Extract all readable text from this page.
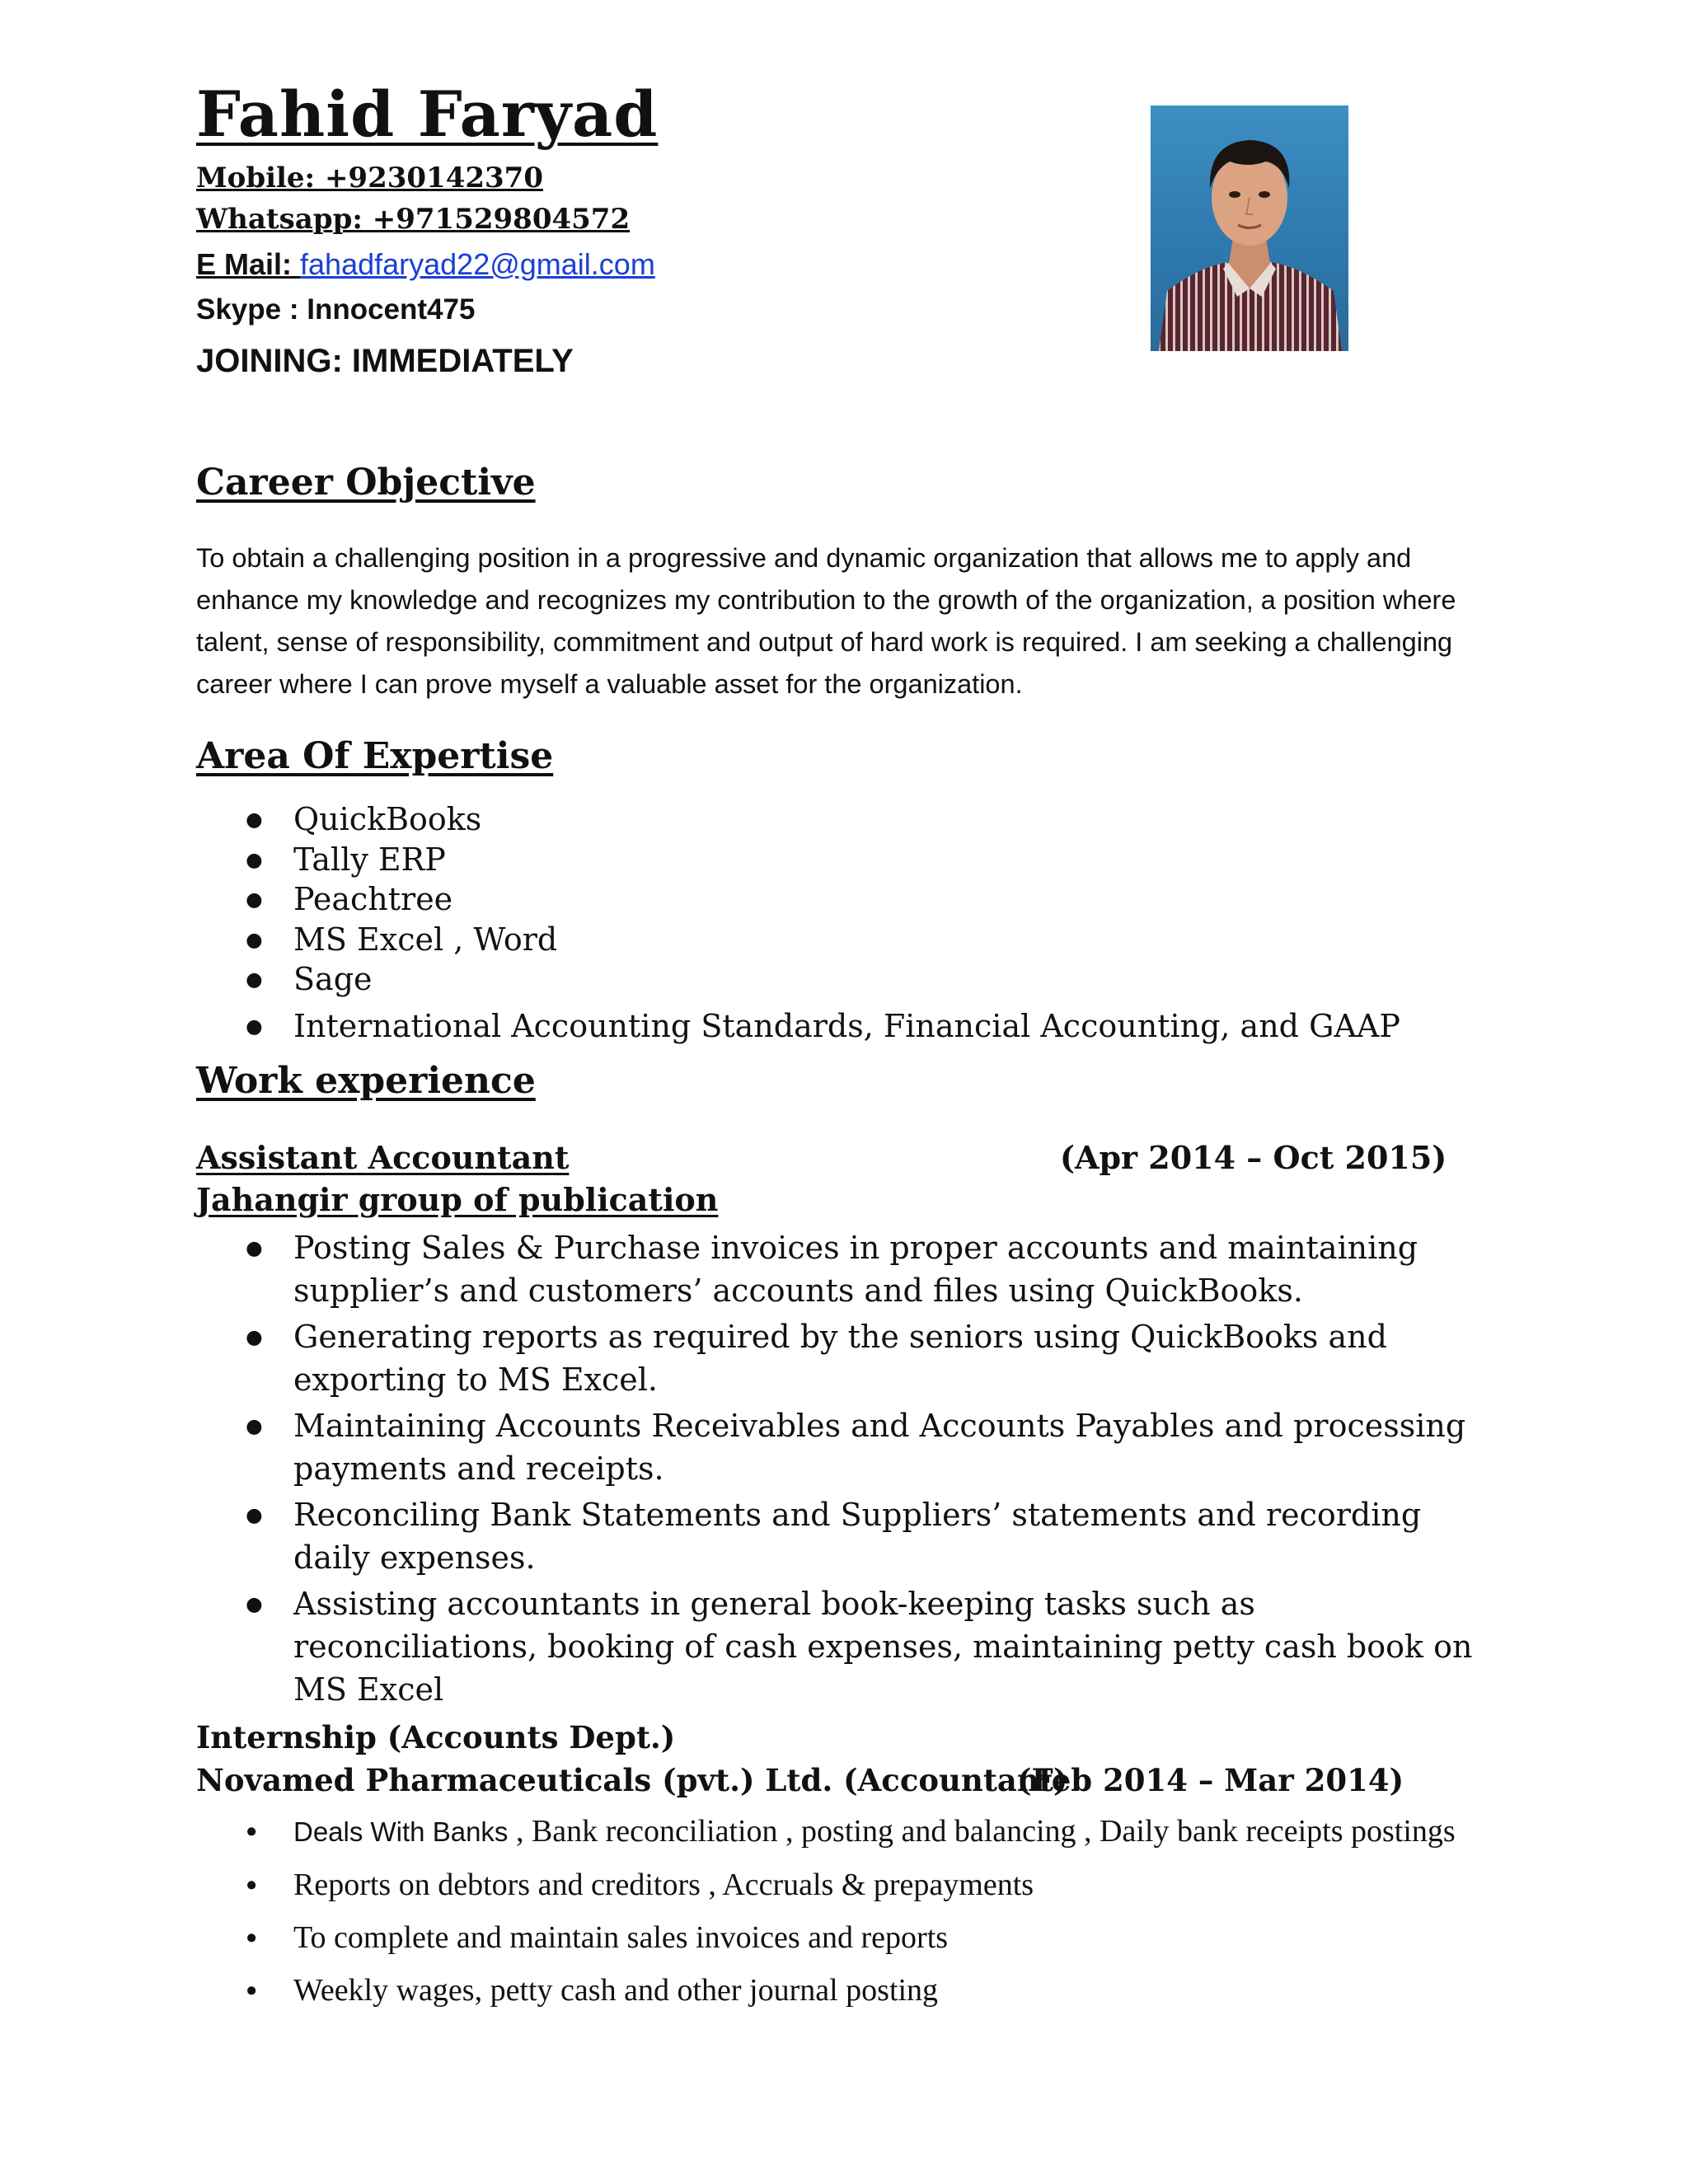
Fahid Faryad
Mobile: +9230142370
Whatsapp: +971529804572
E Mail: fahadfaryad22@gmail.com
Skype : Innocent475
JOINING: IMMEDIATELY
Career Objective
To obtain a challenging position in a progressive and dynamic organization that allows me to apply and enhance my knowledge and recognizes my contribution to the growth of the organization, a position where talent, sense of responsibility, commitment and output of hard work is required. I am seeking a challenging career where I can prove myself a valuable asset for the organization.
Area Of Expertise
● QuickBooks
● Tally ERP
● Peachtree
● MS Excel , Word
● Sage
● International Accounting Standards, Financial Accounting, and GAAP
Work experience
Assistant Accountant	(Apr 2014 – Oct 2015)
Jahangir group of publication
● Posting Sales & Purchase invoices in proper accounts and maintaining supplier’s and customers’ accounts and files using QuickBooks.
● Generating reports as required by the seniors using QuickBooks and exporting to MS Excel.
● Maintaining Accounts Receivables and Accounts Payables and processing payments and receipts.
● Reconciling Bank Statements and Suppliers’ statements and recording daily expenses.
● Assisting accountants in general book-keeping tasks such as reconciliations, booking of cash expenses, maintaining petty cash book on MS Excel
Internship (Accounts Dept.)
Novamed Pharmaceuticals (pvt.) Ltd. (Accountant)
(Feb 2014 – Mar 2014)
● Deals With Banks , Bank reconciliation , posting and balancing , Daily bank receipts postings
● Reports on debtors and creditors , Accruals & prepayments
● To complete and maintain sales invoices and reports
● Weekly wages, petty cash and other journal posting
